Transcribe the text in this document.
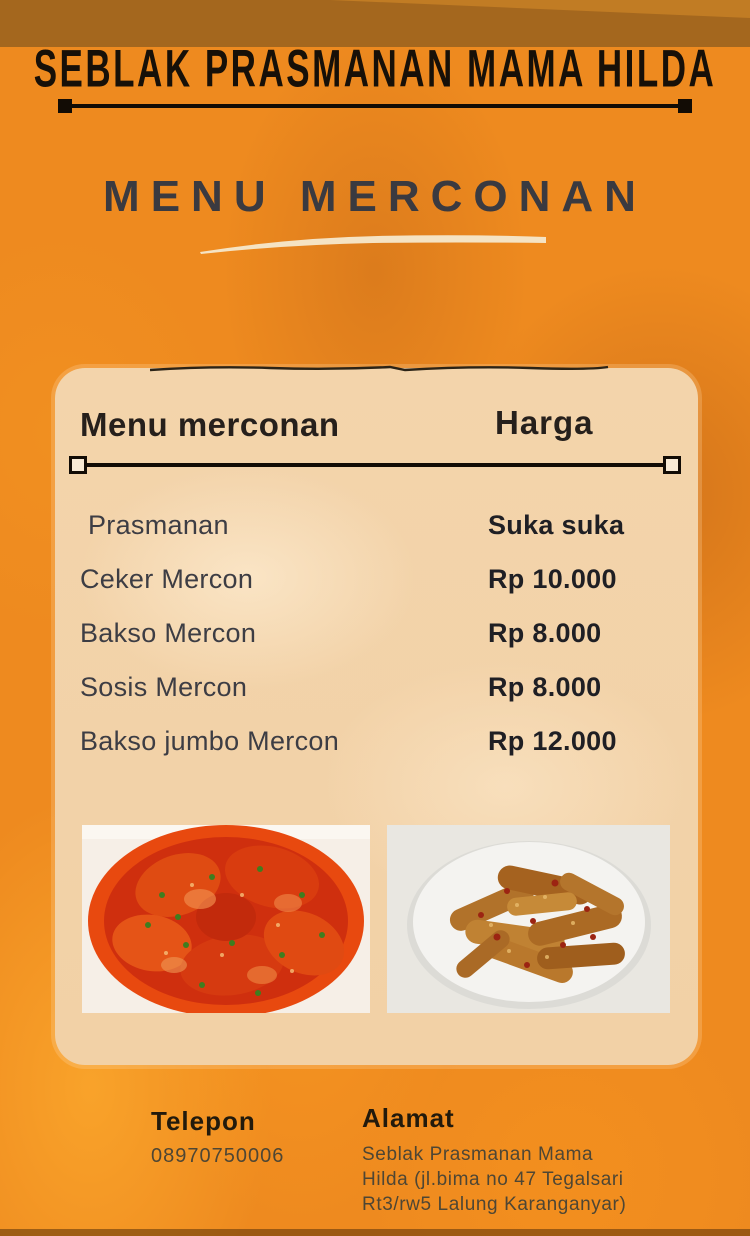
SEBLAK PRASMANAN MAMA HILDA
MENU MERCONAN
Menu merconan	Harga
Prasmanan	Suka suka
Ceker Mercon	Rp 10.000
Bakso Mercon	Rp 8.000
Sosis Mercon	Rp 8.000
Bakso jumbo Mercon	Rp 12.000
Telepon
08970750006
Alamat
Seblak Prasmanan Mama
Hilda (jl.bima no 47 Tegalsari
Rt3/rw5 Lalung Karanganyar)
